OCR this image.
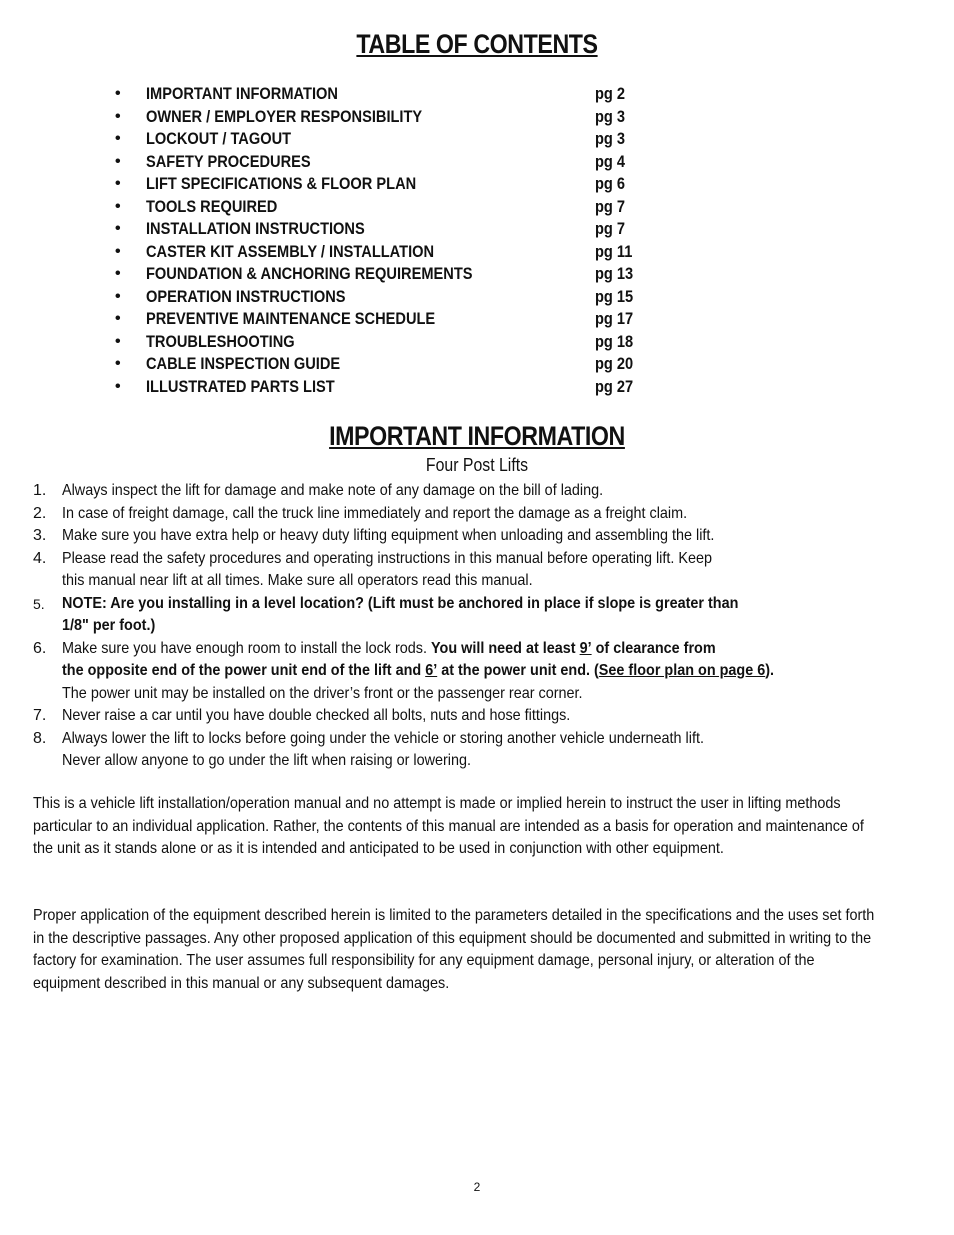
TABLE OF CONTENTS
• IMPORTANT INFORMATION	pg 2
• OWNER / EMPLOYER RESPONSIBILITY	pg 3
• LOCKOUT / TAGOUT	pg 3
• SAFETY PROCEDURES	pg 4
• LIFT SPECIFICATIONS & FLOOR PLAN	pg 6
• TOOLS REQUIRED	pg 7
• INSTALLATION INSTRUCTIONS	pg 7
• CASTER KIT ASSEMBLY / INSTALLATION	pg 11
• FOUNDATION & ANCHORING REQUIREMENTS	pg 13
• OPERATION INSTRUCTIONS	pg 15
• PREVENTIVE MAINTENANCE SCHEDULE	pg 17
• TROUBLESHOOTING	pg 18
• CABLE INSPECTION GUIDE	pg 20
• ILLUSTRATED PARTS LIST	pg 27
IMPORTANT INFORMATION
Four Post Lifts
1. Always inspect the lift for damage and make note of any damage on the bill of lading.
2. In case of freight damage, call the truck line immediately and report the damage as a freight claim.
3. Make sure you have extra help or heavy duty lifting equipment when unloading and assembling the lift.
4. Please read the safety procedures and operating instructions in this manual before operating lift. Keep
this manual near lift at all times. Make sure all operators read this manual.
5. NOTE: Are you installing in a level location? (Lift must be anchored in place if slope is greater than
1/8" per foot.)
6. Make sure you have enough room to install the lock rods. You will need at least 9’ of clearance from
the opposite end of the power unit end of the lift and 6’ at the power unit end. (See floor plan on page 6).
The power unit may be installed on the driver’s front or the passenger rear corner.
7. Never raise a car until you have double checked all bolts, nuts and hose fittings.
8. Always lower the lift to locks before going under the vehicle or storing another vehicle underneath lift.
Never allow anyone to go under the lift when raising or lowering.

This is a vehicle lift installation/operation manual and no attempt is made or implied herein to instruct the user in lifting methods particular to an individual application. Rather, the contents of this manual are intended as a basis for operation and maintenance of the unit as it stands alone or as it is intended and anticipated to be used in conjunction with other equipment.

Proper application of the equipment described herein is limited to the parameters detailed in the specifications and the uses set forth in the descriptive passages. Any other proposed application of this equipment should be documented and submitted in writing to the factory for examination. The user assumes full responsibility for any equipment damage, personal injury, or alteration of the equipment described in this manual or any subsequent damages.

2
